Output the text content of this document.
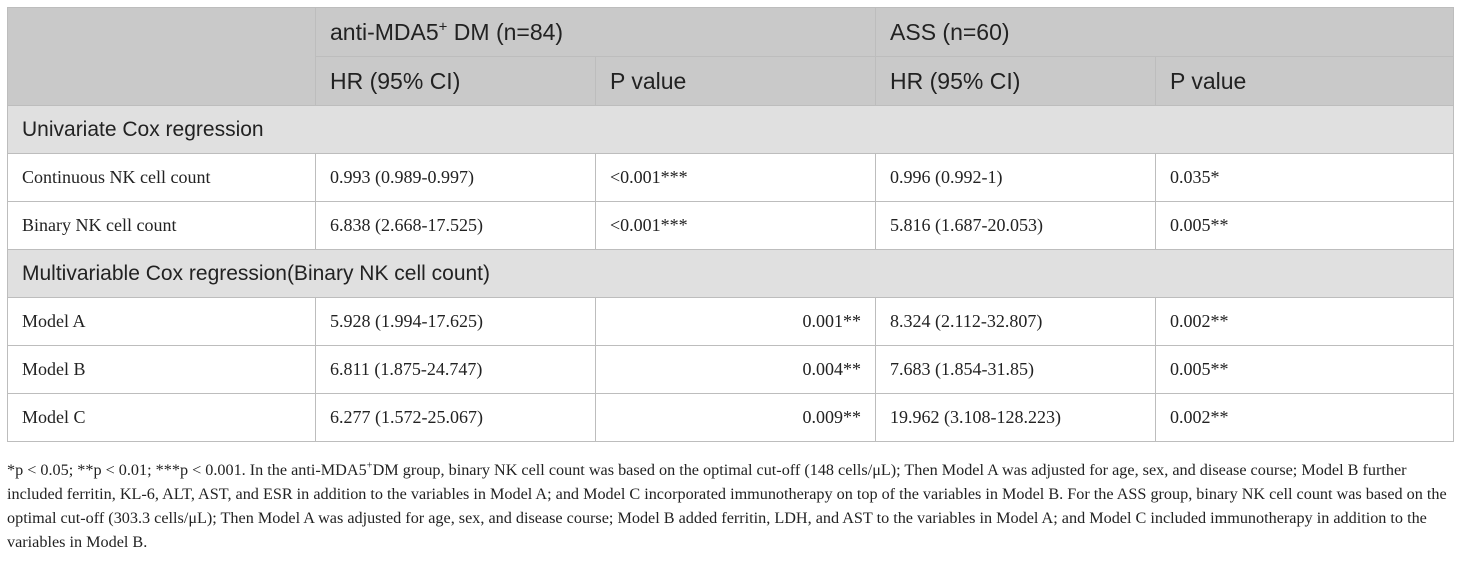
	anti-MDA5+ DM (n=84)		ASS (n=60)	
	HR (95% CI)	P value	HR (95% CI)	P value
Univariate Cox regression				
Continuous NK cell count	0.993 (0.989-0.997)	<0.001***	0.996 (0.992-1)	0.035*
Binary NK cell count	6.838 (2.668-17.525)	<0.001***	5.816 (1.687-20.053)	0.005**
Multivariable Cox regression(Binary NK cell count)				
Model A	5.928 (1.994-17.625)	0.001**	8.324 (2.112-32.807)	0.002**
Model B	6.811 (1.875-24.747)	0.004**	7.683 (1.854-31.85)	0.005**
Model C	6.277 (1.572-25.067)	0.009**	19.962 (3.108-128.223)	0.002**
*p < 0.05; **p < 0.01; ***p < 0.001. In the anti-MDA5+DM group, binary NK cell count was based on the optimal cut-off (148 cells/μL); Then Model A was adjusted for age, sex, and disease course; Model B further included ferritin, KL-6, ALT, AST, and ESR in addition to the variables in Model A; and Model C incorporated immunotherapy on top of the variables in Model B. For the ASS group, binary NK cell count was based on the optimal cut-off (303.3 cells/μL); Then Model A was adjusted for age, sex, and disease course; Model B added ferritin, LDH, and AST to the variables in Model A; and Model C included immunotherapy in addition to the variables in Model B.
